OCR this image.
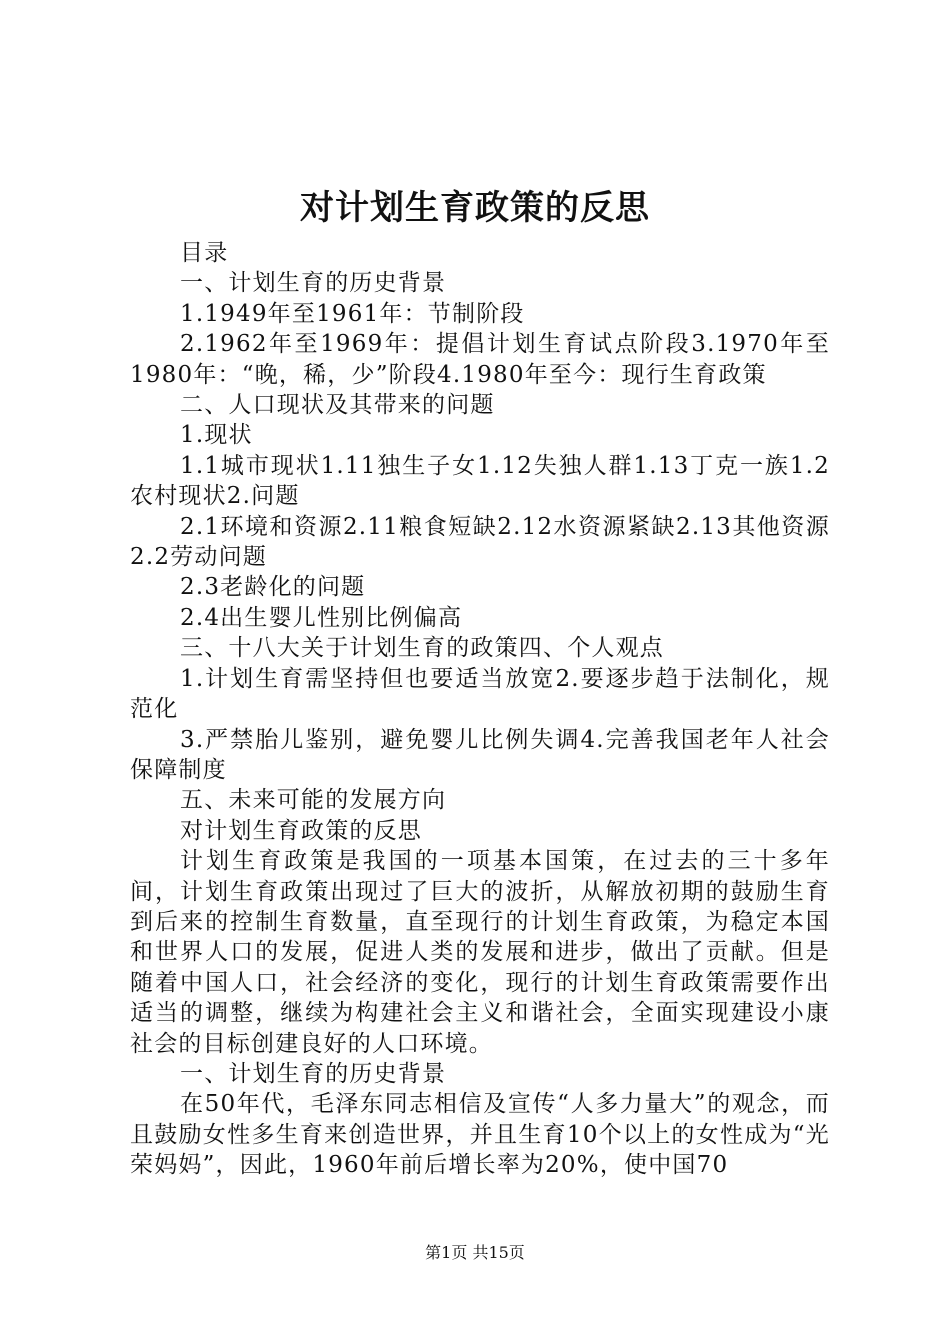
对计划生育政策的反思

目录

一、计划生育的历史背景

1.1949年至1961年：节制阶段

2.1962年至1969年：提倡计划生育试点阶段3.1970年至1980年：“晚，稀，少”阶段4.1980年至今：现行生育政策

二、人口现状及其带来的问题

1.现状

1.1城市现状1.11独生子女1.12失独人群1.13丁克一族1.2农村现状2.问题

2.1环境和资源2.11粮食短缺2.12水资源紧缺2.13其他资源2.2劳动问题

2.3老龄化的问题

2.4出生婴儿性别比例偏高

三、十八大关于计划生育的政策四、个人观点

1.计划生育需坚持但也要适当放宽2.要逐步趋于法制化，规范化

3.严禁胎儿鉴别，避免婴儿比例失调4.完善我国老年人社会保障制度

五、未来可能的发展方向

对计划生育政策的反思

计划生育政策是我国的一项基本国策，在过去的三十多年间，计划生育政策出现过了巨大的波折，从解放初期的鼓励生育到后来的控制生育数量，直至现行的计划生育政策，为稳定本国和世界人口的发展，促进人类的发展和进步，做出了贡献。但是随着中国人口，社会经济的变化，现行的计划生育政策需要作出适当的调整，继续为构建社会主义和谐社会，全面实现建设小康社会的目标创建良好的人口环境。

一、计划生育的历史背景

在50年代，毛泽东同志相信及宣传“人多力量大”的观念，而且鼓励女性多生育来创造世界，并且生育10个以上的女性成为“光荣妈妈”，因此，1960年前后增长率为20%，使中国70

第1页 共15页
